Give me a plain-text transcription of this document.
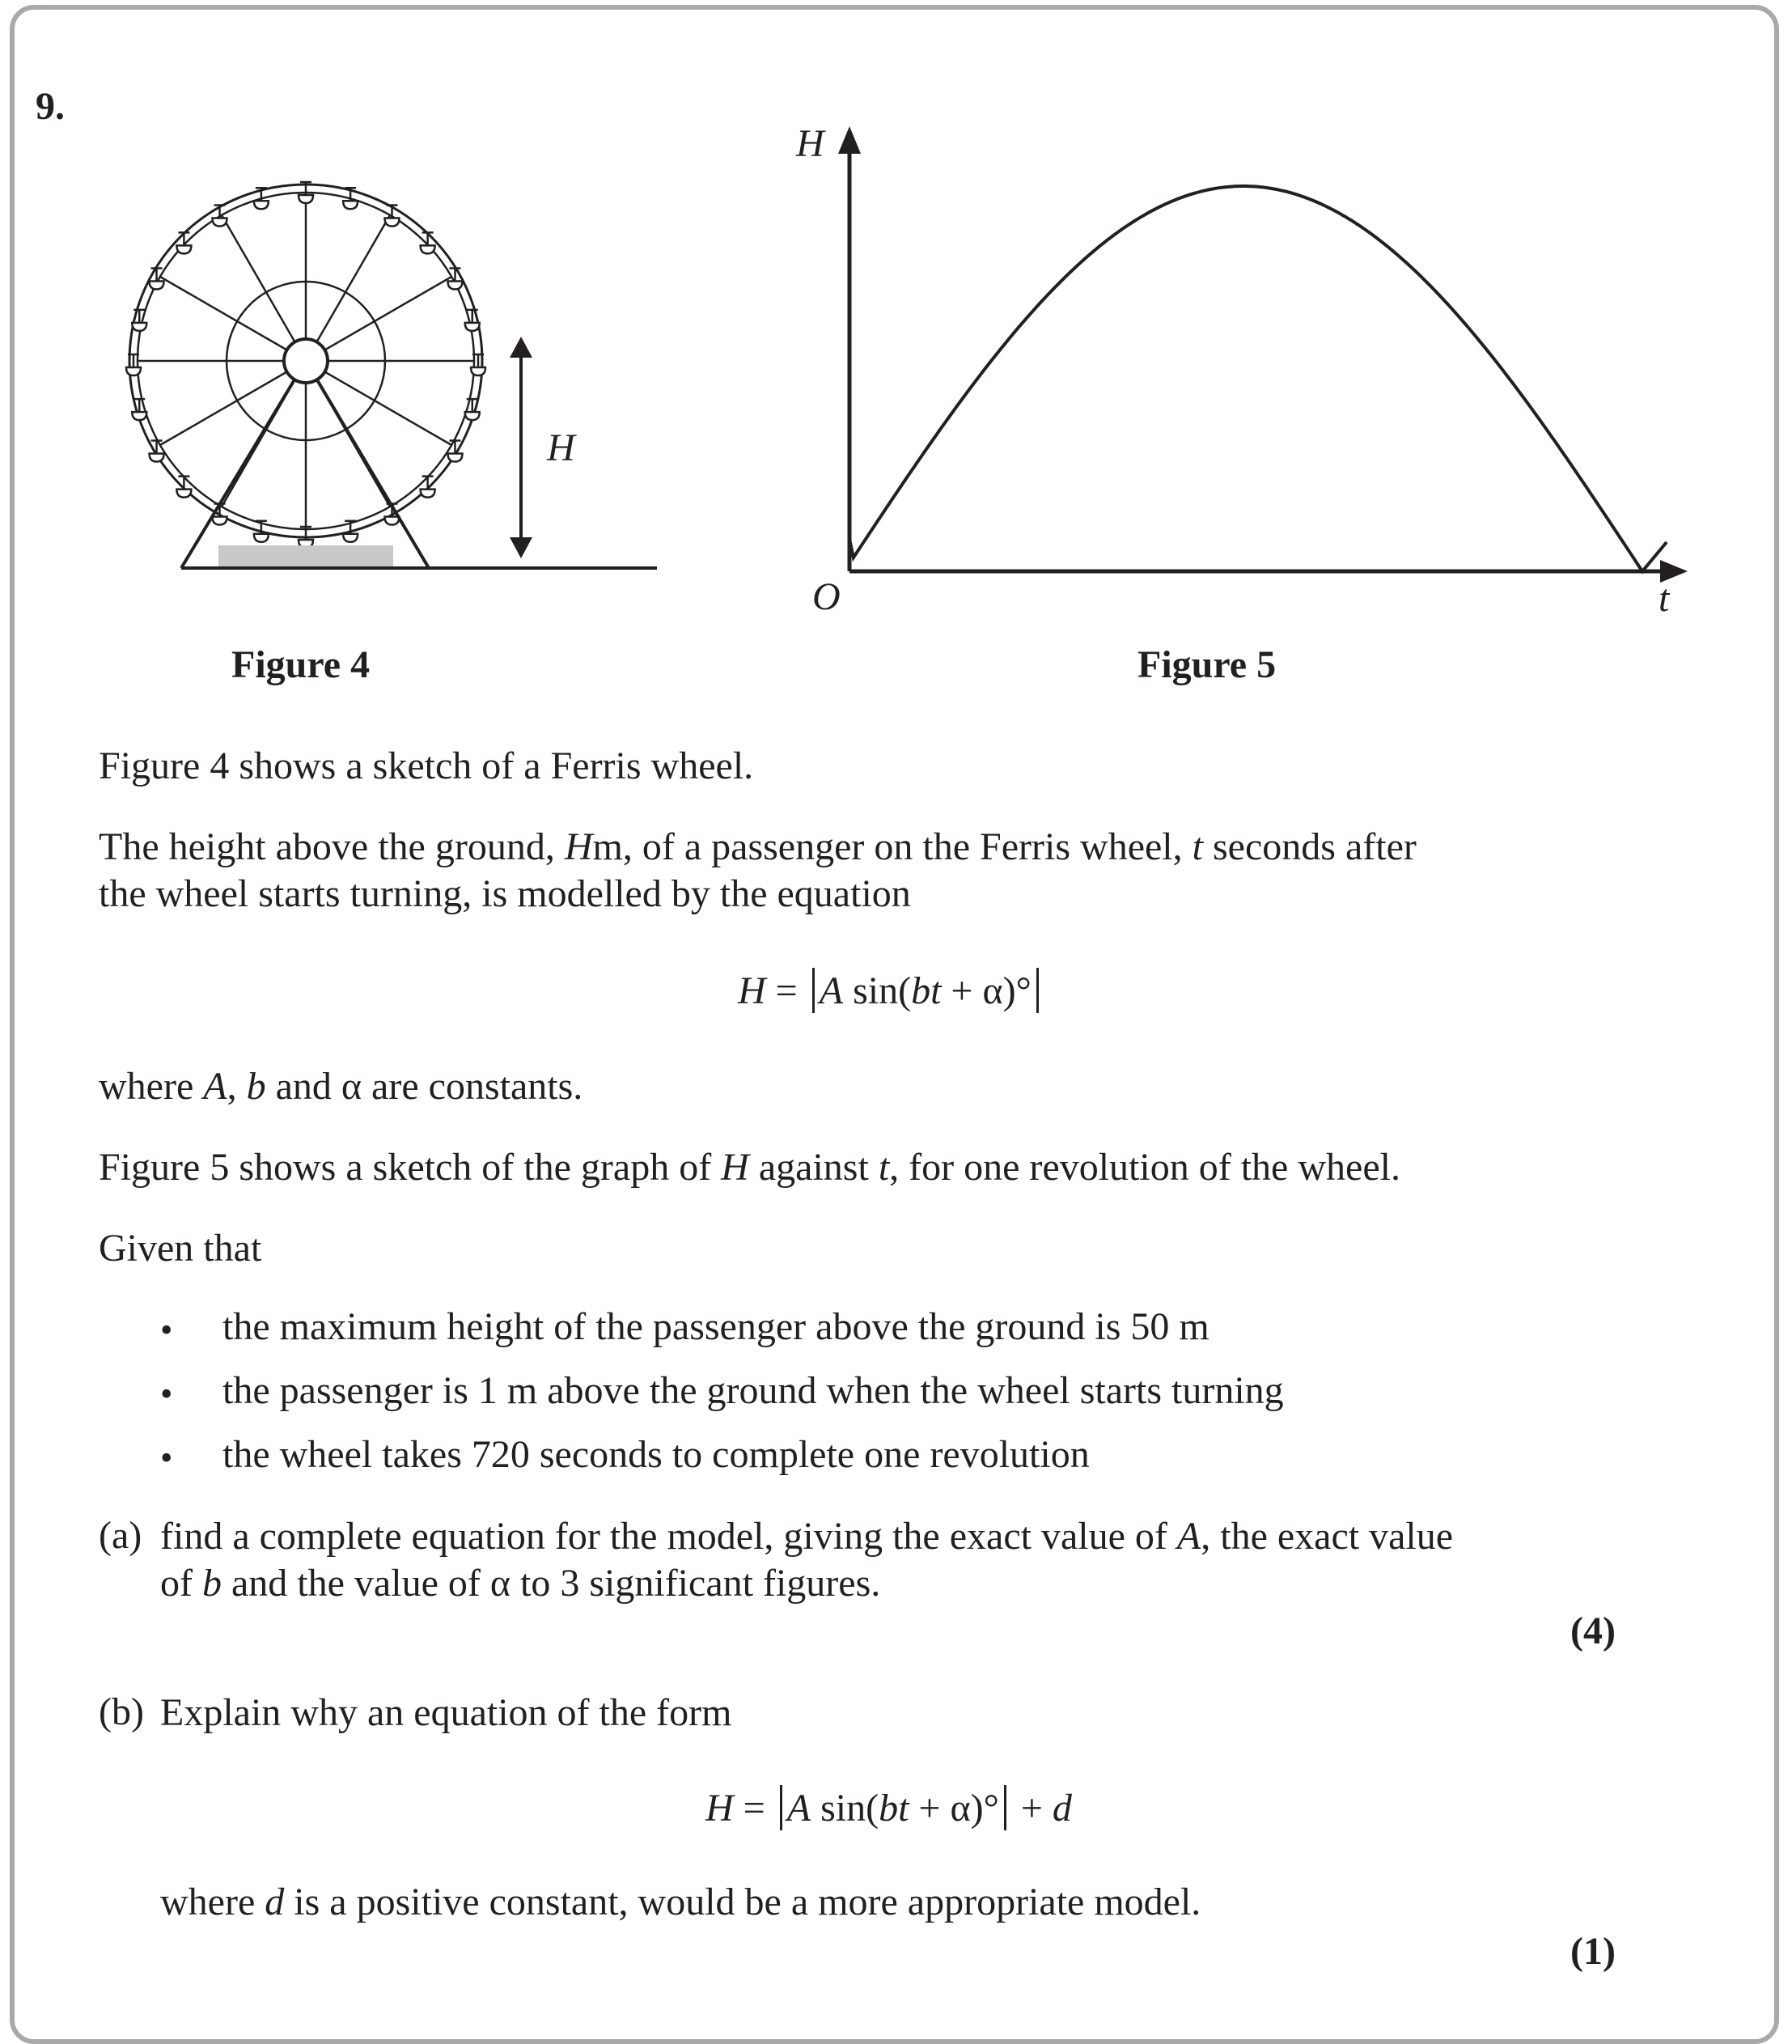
9.
H
Figure 4
H
O	t
Figure 5
Figure 4 shows a sketch of a Ferris wheel.
The height above the ground, Hm, of a passenger on the Ferris wheel, t seconds after
the wheel starts turning, is modelled by the equation
H = A sin(bt + α)°
where A, b and α are constants.
Figure 5 shows a sketch of the graph of H against t, for one revolution of the wheel.
Given that
• the maximum height of the passenger above the ground is 50 m
• the passenger is 1 m above the ground when the wheel starts turning
• the wheel takes 720 seconds to complete one revolution
(a) find a complete equation for the model, giving the exact value of A, the exact value
of b and the value of α to 3 significant figures.
(4)
(b) Explain why an equation of the form
H = A sin(bt + α)° + d
where d is a positive constant, would be a more appropriate model.
(1)
